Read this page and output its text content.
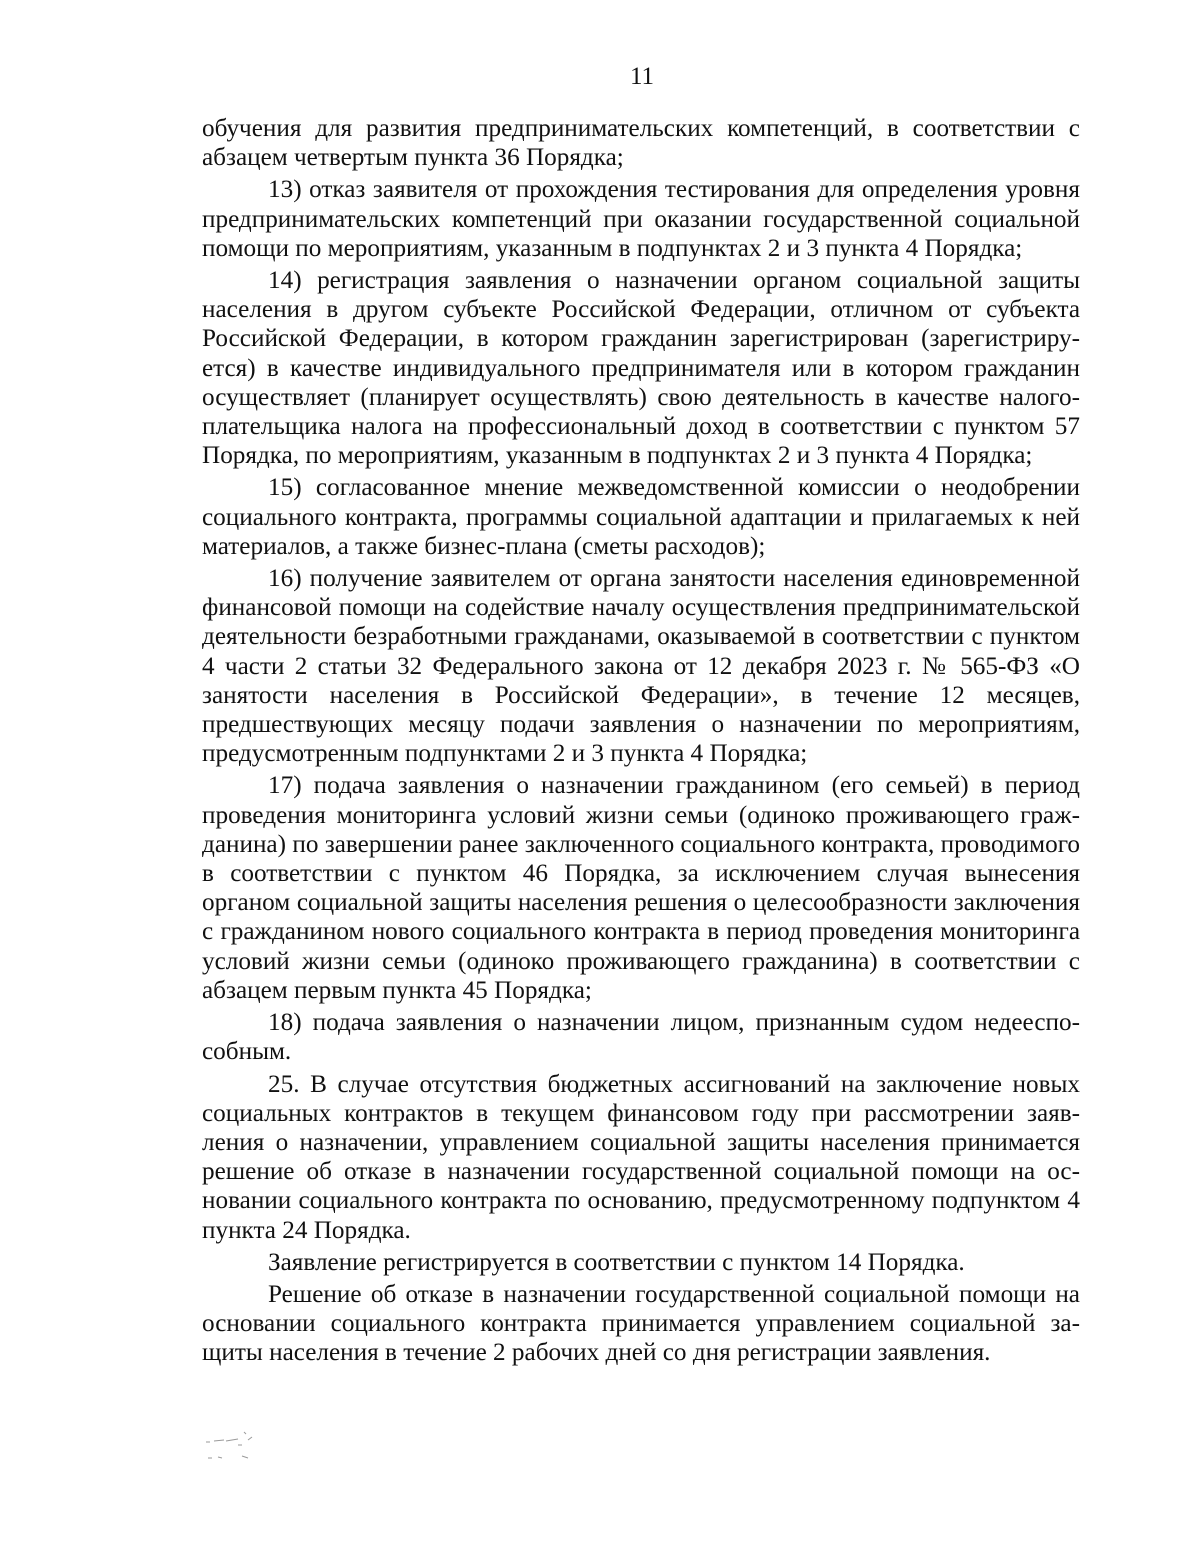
11

обучения для развития предпринимательских компетенций, в соответствии с абзацем четвертым пункта 36 Порядка;

13) отказ заявителя от прохождения тестирования для определения уровня предпринимательских компетенций при оказании государственной социальной помощи по мероприятиям, указанным в подпунктах 2 и 3 пункта 4 Порядка;

14) регистрация заявления о назначении органом социальной защиты населения в другом субъекте Российской Федерации, отличном от субъекта Российской Федерации, в котором гражданин зарегистрирован (зарегистрируется) в качестве индивидуального предпринимателя или в котором гражданин осуществляет (планирует осуществлять) свою деятельность в качестве налогоплательщика налога на профессиональный доход в соответствии с пунктом 57 Порядка, по мероприятиям, указанным в подпунктах 2 и 3 пункта 4 Порядка;

15) согласованное мнение межведомственной комиссии о неодобрении социального контракта, программы социальной адаптации и прилагаемых к ней материалов, а также бизнес-плана (сметы расходов);

16) получение заявителем от органа занятости населения единовременной финансовой помощи на содействие началу осуществления предпринимательской деятельности безработными гражданами, оказываемой в соответствии с пунктом 4 части 2 статьи 32 Федерального закона от 12 декабря 2023 г. № 565-ФЗ «О занятости населения в Российской Федерации», в течение 12 месяцев, предшествующих месяцу подачи заявления о назначении по мероприятиям, предусмотренным подпунктами 2 и 3 пункта 4 Порядка;

17) подача заявления о назначении гражданином (его семьей) в период проведения мониторинга условий жизни семьи (одиноко проживающего гражданина) по завершении ранее заключенного социального контракта, проводимого в соответствии с пунктом 46 Порядка, за исключением случая вынесения органом социальной защиты населения решения о целесообразности заключения с гражданином нового социального контракта в период проведения мониторинга условий жизни семьи (одиноко проживающего гражданина) в соответствии с абзацем первым пункта 45 Порядка;

18) подача заявления о назначении лицом, признанным судом недееспособным.

25. В случае отсутствия бюджетных ассигнований на заключение новых социальных контрактов в текущем финансовом году при рассмотрении заявления о назначении, управлением социальной защиты населения принимается решение об отказе в назначении государственной социальной помощи на основании социального контракта по основанию, предусмотренному подпунктом 4 пункта 24 Порядка.

Заявление регистрируется в соответствии с пунктом 14 Порядка.

Решение об отказе в назначении государственной социальной помощи на основании социального контракта принимается управлением социальной защиты населения в течение 2 рабочих дней со дня регистрации заявления.
